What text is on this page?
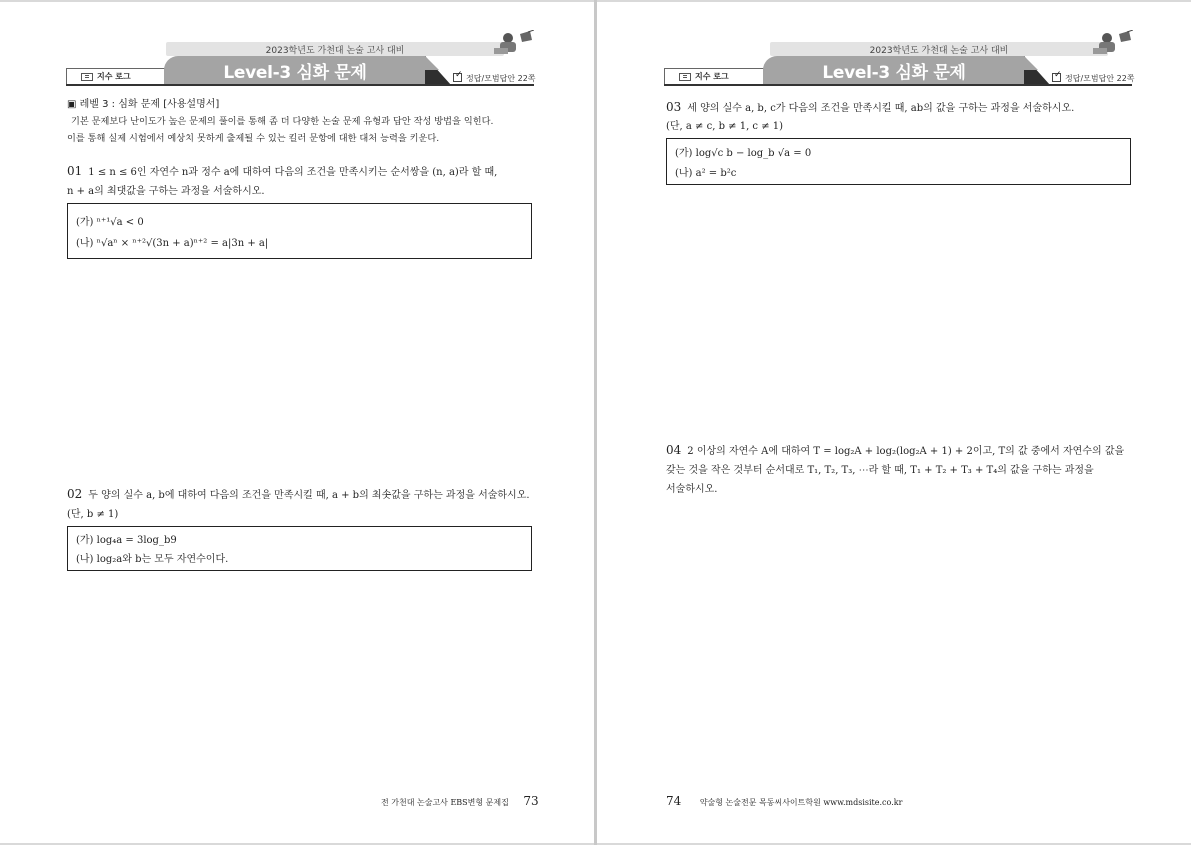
2023학년도 가천대 논술 고사 대비
지수 로그	Level-3 심화 문제 ✓	정답/모범답안 22쪽
▣ 레벨 3 : 심화 문제 [사용설명서]
기본 문제보다 난이도가 높은 문제의 풀이를 통해 좀 더 다양한 논술 문제 유형과 답안 작성 방법을 익힌다.
이를 통해 실제 시험에서 예상치 못하게 출제될 수 있는 킬러 문항에 대한 대처 능력을 키운다.
01 1 ≤ n ≤ 6인 자연수 n과 정수 a에 대하여 다음의 조건을 만족시키는 순서쌍을 (n, a)라 할 때,
n + a의 최댓값을 구하는 과정을 서술하시오.
(가) ⁿ⁺¹√a < 0
(나) ⁿ√aⁿ × ⁿ⁺²√(3n + a)ⁿ⁺² = a|3n + a|
02 두 양의 실수 a, b에 대하여 다음의 조건을 만족시킬 때, a + b의 최솟값을 구하는 과정을 서술하시오.
(단, b ≠ 1)
(가) log₄a = 3log_b9
(나) log₂a와 b는 모두 자연수이다.
전 가천대 논술고사 EBS변형 문제집 73
2023학년도 가천대 논술 고사 대비
지수 로그	Level-3 심화 문제 ✓	정답/모범답안 22쪽
03 세 양의 실수 a, b, c가 다음의 조건을 만족시킬 때, ab의 값을 구하는 과정을 서술하시오.
(단, a ≠ c, b ≠ 1, c ≠ 1)
(가) log√c b − log_b √a = 0
(나) a² = b²c
04 2 이상의 자연수 A에 대하여 T = log₂A + log₂(log₂A + 1) + 2이고, T의 값 중에서 자연수의 값을
갖는 것을 작은 것부터 순서대로 T₁, T₂, T₃, ⋯라 할 때, T₁ + T₂ + T₃ + T₄의 값을 구하는 과정을
서술하시오.
74 약술형 논술전문 목동씨사이트학원 www.mdsisite.co.kr
